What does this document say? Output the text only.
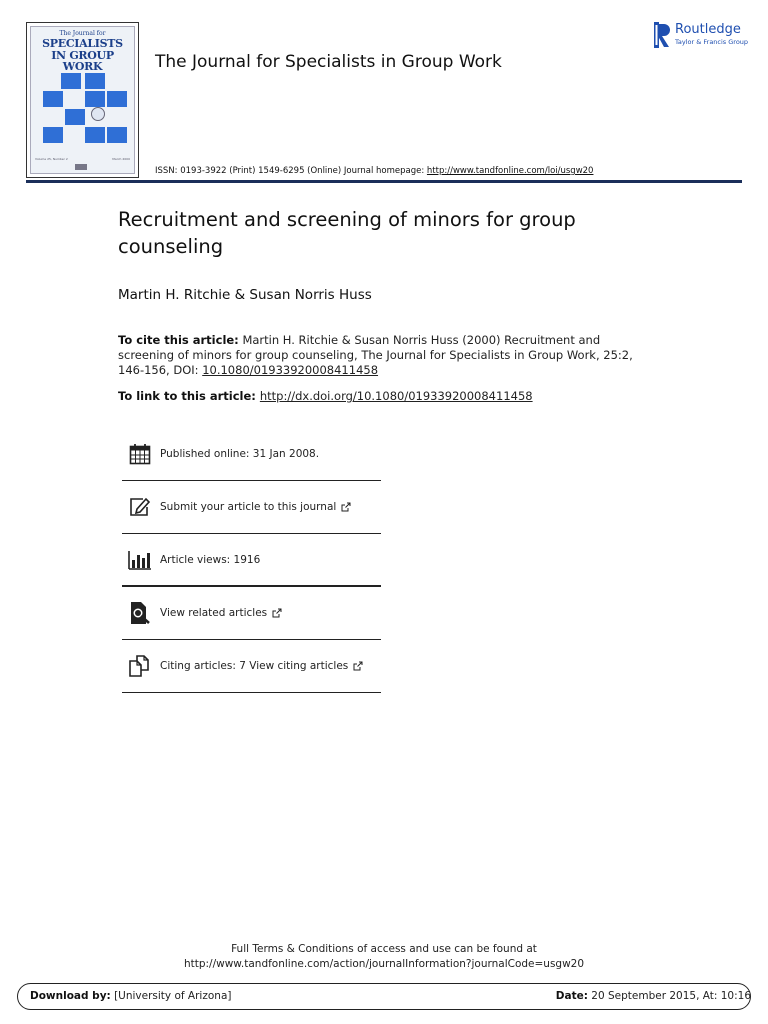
The Journal for
SPECIALISTS
IN GROUP WORK
Volume 25, Number 2	March 2000
The Journal for Specialists in Group Work
Routledge
Taylor & Francis Group
ISSN: 0193-3922 (Print) 1549-6295 (Online) Journal homepage: http://www.tandfonline.com/loi/usgw20
Recruitment and screening of minors for group counseling
Martin H. Ritchie & Susan Norris Huss
To cite this article: Martin H. Ritchie & Susan Norris Huss (2000) Recruitment and screening of minors for group counseling, The Journal for Specialists in Group Work, 25:2, 146-156, DOI: 10.1080/01933920008411458
To link to this article: http://dx.doi.org/10.1080/01933920008411458
Published online: 31 Jan 2008.
Submit your article to this journal
Article views: 1916
View related articles
Citing articles: 7 View citing articles
Full Terms & Conditions of access and use can be found at
http://www.tandfonline.com/action/journalInformation?journalCode=usgw20
Download by: [University of Arizona]	Date: 20 September 2015, At: 10:16
